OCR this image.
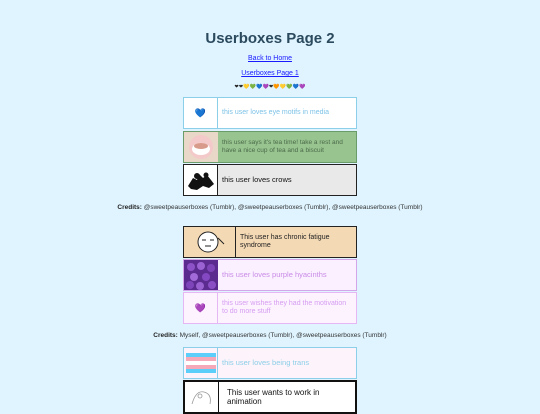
Userboxes Page 2
Back to Home
Userboxes Page 1
❤❤💛💚💙💜❤🧡💛💚💙💜
💙	this user loves eye motifs in media
this user says it's tea time! take a rest and have a nice cup of tea and a biscuit
this user loves crows
Credits: @sweetpeauserboxes (Tumblr), @sweetpeauserboxes (Tumblr), @sweetpeauserboxes (Tumblr)
This user has chronic fatigue syndrome
this user loves purple hyacinths
💜	this user wishes they had the motivation to do more stuff
Credits: Myself, @sweetpeauserboxes (Tumblr), @sweetpeauserboxes (Tumblr)
this user loves being trans
This user wants to work in animation
